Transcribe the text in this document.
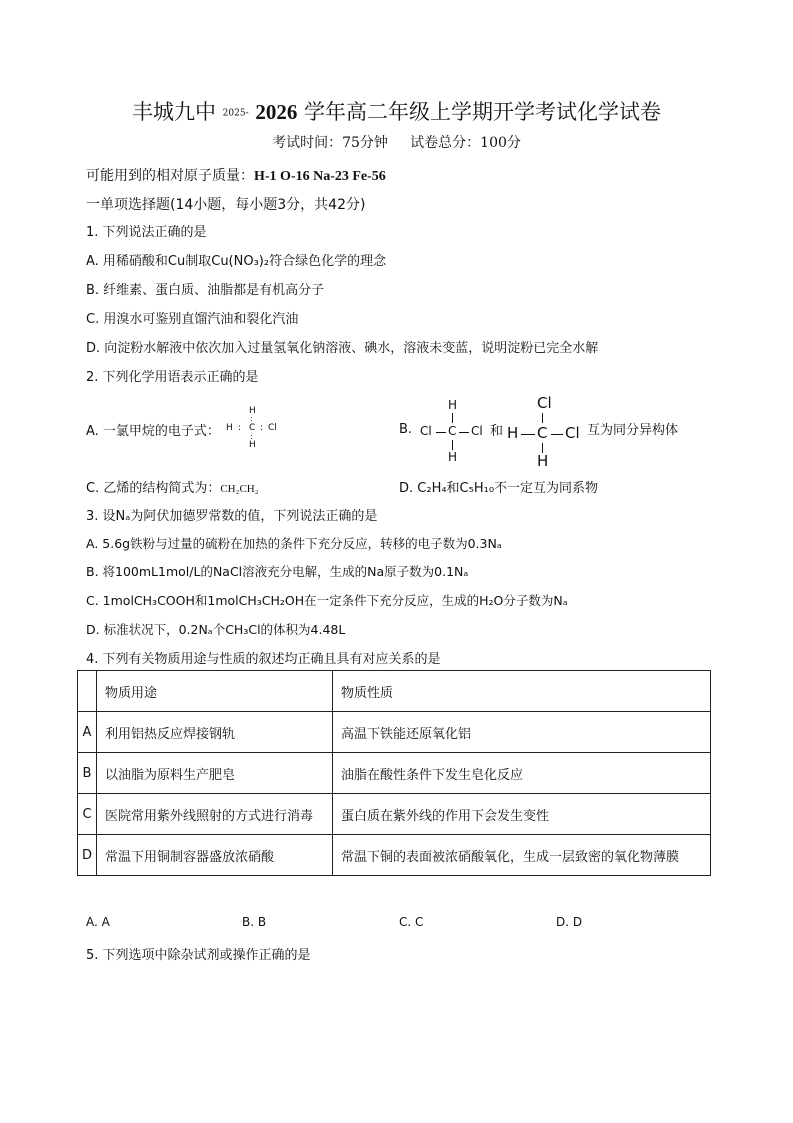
丰城九中 2025- 2026 学年高二年级上学期开学考试化学试卷
考试时间：75分钟 试卷总分：100分
可能用到的相对原子质量：H-1 O-16 Na-23 Fe-56
一单项选择题(14小题，每小题3分，共42分)
1. 下列说法正确的是
A. 用稀硝酸和Cu制取Cu(NO₃)₂符合绿色化学的理念
B. 纤维素、蛋白质、油脂都是有机高分子
C. 用溴水可鉴别直馏汽油和裂化汽油
D. 向淀粉水解液中依次加入过量氢氧化钠溶液、碘水，溶液未变蓝，说明淀粉已完全水解
2. 下列化学用语表示正确的是
A. 一氯甲烷的电子式：
H
:
H : C : Cl
:
H
B.
H
Cl C Cl
H
和
Cl
H C Cl
H
互为同分异构体
C. 乙烯的结构简式为：CH₂CH₂	D. C₂H₄和C₅H₁₀不一定互为同系物
3. 设Nₐ为阿伏加德罗常数的值，下列说法正确的是
A. 5.6g铁粉与过量的硫粉在加热的条件下充分反应，转移的电子数为0.3Nₐ
B. 将100mL1mol/L的NaCl溶液充分电解，生成的Na原子数为0.1Nₐ
C. 1molCH₃COOH和1molCH₃CH₂OH在一定条件下充分反应，生成的H₂O分子数为Nₐ
D. 标准状况下，0.2Nₐ个CH₃Cl的体积为4.48L
4. 下列有关物质用途与性质的叙述均正确且具有对应关系的是
	物质用途	物质性质
A	利用铝热反应焊接钢轨	高温下铁能还原氧化铝
B	以油脂为原料生产肥皂	油脂在酸性条件下发生皂化反应
C	医院常用紫外线照射的方式进行消毒	蛋白质在紫外线的作用下会发生变性
D	常温下用铜制容器盛放浓硝酸	常温下铜的表面被浓硝酸氧化，生成一层致密的氧化物薄膜
A. A	B. B	C. C	D. D
5. 下列选项中除杂试剂或操作正确的是
